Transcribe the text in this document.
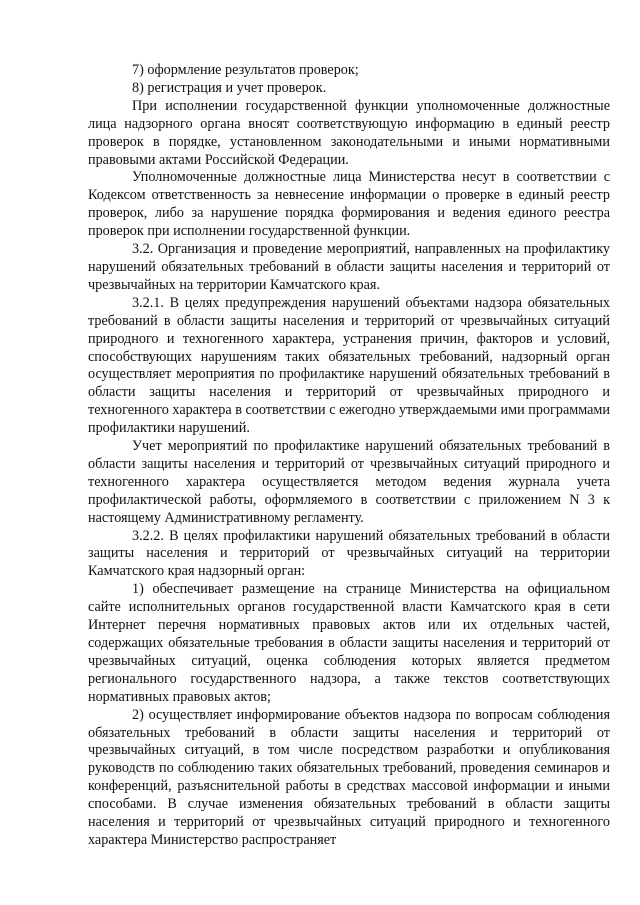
7) оформление результатов проверок;

8) регистрация и учет проверок.

При исполнении государственной функции уполномоченные должностные лица надзорного органа вносят соответствующую информацию в единый реестр проверок в порядке, установленном законодательными и иными нормативными правовыми актами Российской Федерации.

Уполномоченные должностные лица Министерства несут в соответствии с Кодексом ответственность за невнесение информации о проверке в единый реестр проверок, либо за нарушение порядка формирования и ведения единого реестра проверок при исполнении государственной функции.

3.2. Организация и проведение мероприятий, направленных на профилактику нарушений обязательных требований в области защиты населения и территорий от чрезвычайных на территории Камчатского края.

3.2.1. В целях предупреждения нарушений объектами надзора обязательных требований в области защиты населения и территорий от чрезвычайных ситуаций природного и техногенного характера, устранения причин, факторов и условий, способствующих нарушениям таких обязательных требований, надзорный орган осуществляет мероприятия по профилактике нарушений обязательных требований в области защиты населения и территорий от чрезвычайных природного и техногенного характера в соответствии с ежегодно утверждаемыми ими программами профилактики нарушений.

Учет мероприятий по профилактике нарушений обязательных требований в области защиты населения и территорий от чрезвычайных ситуаций природного и техногенного характера осуществляется методом ведения журнала учета профилактической работы, оформляемого в соответствии с приложением N 3 к настоящему Административному регламенту.

3.2.2. В целях профилактики нарушений обязательных требований в области защиты населения и территорий от чрезвычайных ситуаций на территории Камчатского края надзорный орган:

1) обеспечивает размещение на странице Министерства на официальном сайте исполнительных органов государственной власти Камчатского края в сети Интернет перечня нормативных правовых актов или их отдельных частей, содержащих обязательные требования в области защиты населения и территорий от чрезвычайных ситуаций, оценка соблюдения которых является предметом регионального государственного надзора, а также текстов соответствующих нормативных правовых актов;

2) осуществляет информирование объектов надзора по вопросам соблюдения обязательных требований в области защиты населения и территорий от чрезвычайных ситуаций, в том числе посредством разработки и опубликования руководств по соблюдению таких обязательных требований, проведения семинаров и конференций, разъяснительной работы в средствах массовой информации и иными способами. В случае изменения обязательных требований в области защиты населения и территорий от чрезвычайных ситуаций природного и техногенного характера Министерство распространяет
